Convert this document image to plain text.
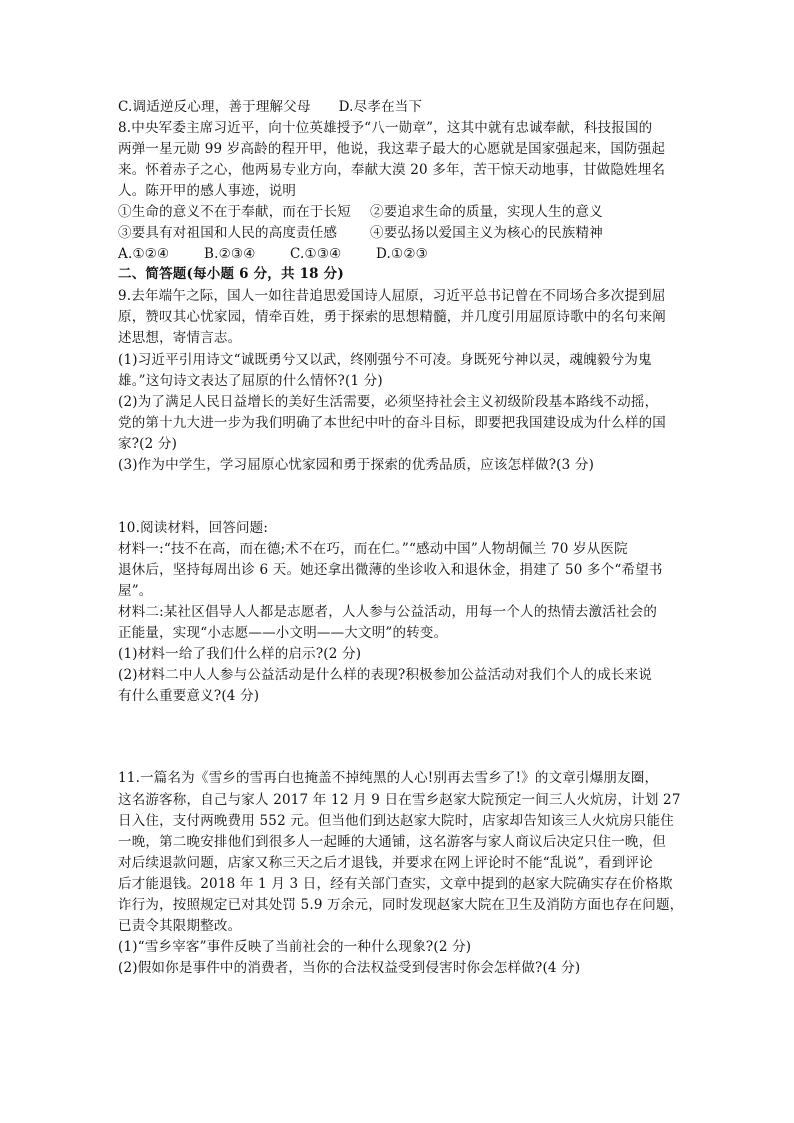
C.调适逆反心理，善于理解父母 D.尽孝在当下
8.中央军委主席习近平，向十位英雄授予“八一勋章”，这其中就有忠诚奉献，科技报国的
两弹一星元勋 99 岁高龄的程开甲，他说，我这辈子最大的心愿就是国家强起来，国防强起
来。怀着赤子之心，他两易专业方向，奉献大漠 20 多年，苦干惊天动地事，甘做隐姓埋名
人。陈开甲的感人事迹，说明
①生命的意义不在于奉献，而在于长短 ②要追求生命的质量，实现人生的意义
③要具有对祖国和人民的高度责任感 ④要弘扬以爱国主义为核心的民族精神
A.①②④	B.②③④	C.①③④	D.①②③
二、简答题(每小题 6 分，共 18 分)
9.去年端午之际，国人一如往昔追思爱国诗人屈原，习近平总书记曾在不同场合多次提到屈
原，赞叹其心忧家园，情牵百姓，勇于探索的思想精髓，并几度引用屈原诗歌中的名句来阐
述思想，寄情言志。
(1)习近平引用诗文“诚既勇兮又以武，终刚强兮不可凌。身既死兮神以灵，魂魄毅兮为鬼
雄。”这句诗文表达了屈原的什么情怀?(1 分)
(2)为了满足人民日益增长的美好生活需要，必须坚持社会主义初级阶段基本路线不动摇，
党的第十九大进一步为我们明确了本世纪中叶的奋斗目标，即要把我国建设成为什么样的国
家?(2 分)
(3)作为中学生，学习屈原心忧家园和勇于探索的优秀品质，应该怎样做?(3 分)
10.阅读材料，回答问题:
材料一:“技不在高，而在德;术不在巧，而在仁。”“感动中国”人物胡佩兰 70 岁从医院
退休后，坚持每周出诊 6 天。她还拿出微薄的坐诊收入和退休金，捐建了 50 多个“希望书
屋”。
材料二:某社区倡导人人都是志愿者，人人参与公益活动，用每一个人的热情去激活社会的
正能量，实现“小志愿——小文明——大文明”的转变。
(1)材料一给了我们什么样的启示?(2 分)
(2)材料二中人人参与公益活动是什么样的表现?积极参加公益活动对我们个人的成长来说
有什么重要意义?(4 分)
11.一篇名为《雪乡的雪再白也掩盖不掉纯黑的人心!别再去雪乡了!》的文章引爆朋友圈，
这名游客称，自己与家人 2017 年 12 月 9 日在雪乡赵家大院预定一间三人火炕房，计划 27
日入住，支付两晚费用 552 元。但当他们到达赵家大院时，店家却告知该三人火炕房只能住
一晚，第二晚安排他们到很多人一起睡的大通铺，这名游客与家人商议后决定只住一晚，但
对后续退款问题，店家又称三天之后才退钱，并要求在网上评论时不能“乱说”，看到评论
后才能退钱。2018 年 1 月 3 日，经有关部门查实，文章中提到的赵家大院确实存在价格欺
诈行为，按照规定已对其处罚 5.9 万余元，同时发现赵家大院在卫生及消防方面也存在问题，
已责令其限期整改。
(1)“雪乡宰客”事件反映了当前社会的一种什么现象?(2 分)
(2)假如你是事件中的消费者，当你的合法权益受到侵害时你会怎样做?(4 分)
